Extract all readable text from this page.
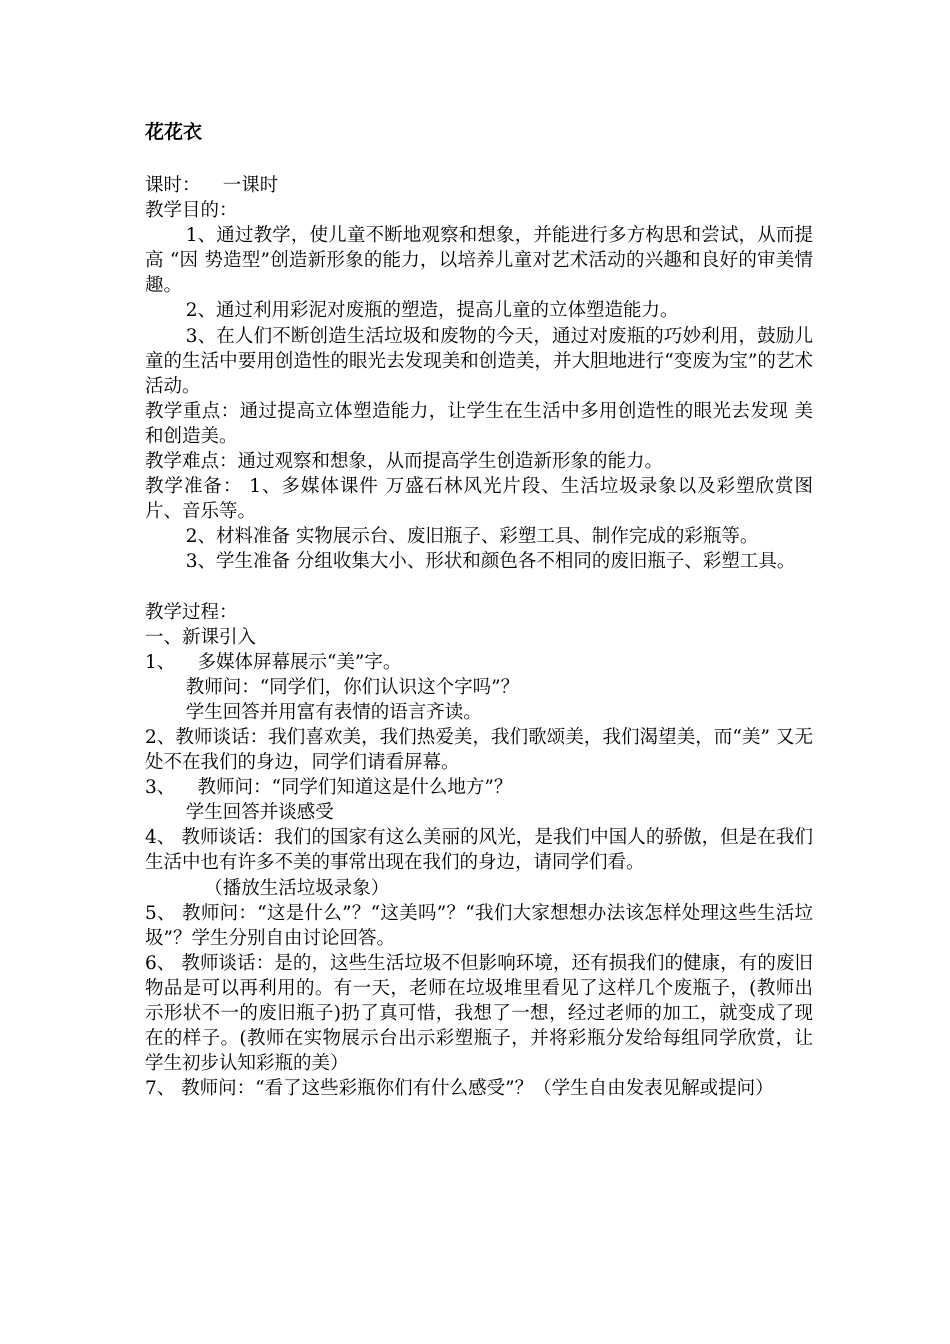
花花衣

课时： 一课时

教学目的：

1、通过教学，使儿童不断地观察和想象，并能进行多方构思和尝试，从而提高 “因 势造型”创造新形象的能力，以培养儿童对艺术活动的兴趣和良好的审美情趣。

2、通过利用彩泥对废瓶的塑造，提高儿童的立体塑造能力。

3、在人们不断创造生活垃圾和废物的今天，通过对废瓶的巧妙利用，鼓励儿童的生活中要用创造性的眼光去发现美和创造美，并大胆地进行“变废为宝”的艺术活动。

教学重点：通过提高立体塑造能力，让学生在生活中多用创造性的眼光去发现 美和创造美。

教学难点：通过观察和想象，从而提高学生创造新形象的能力。

教学准备： 1、多媒体课件 万盛石林风光片段、生活垃圾录象以及彩塑欣赏图片、音乐等。

2、材料准备 实物展示台、废旧瓶子、彩塑工具、制作完成的彩瓶等。

3、学生准备 分组收集大小、形状和颜色各不相同的废旧瓶子、彩塑工具。

教学过程：

一、新课引入

1、 多媒体屏幕展示“美”字。

教师问：“同学们，你们认识这个字吗”？

学生回答并用富有表情的语言齐读。

2、教师谈话：我们喜欢美，我们热爱美，我们歌颂美，我们渴望美，而“美” 又无处不在我们的身边，同学们请看屏幕。

3、 教师问：“同学们知道这是什么地方”？

学生回答并谈感受

4、 教师谈话：我们的国家有这么美丽的风光，是我们中国人的骄傲，但是在我们生活中也有许多不美的事常出现在我们的身边，请同学们看。

（播放生活垃圾录象）

5、 教师问：“这是什么”？“这美吗”？“我们大家想想办法该怎样处理这些生活垃圾”？学生分别自由讨论回答。

6、 教师谈话：是的，这些生活垃圾不但影响环境，还有损我们的健康，有的废旧物品是可以再利用的。有一天，老师在垃圾堆里看见了这样几个废瓶子，(教师出示形状不一的废旧瓶子)扔了真可惜，我想了一想，经过老师的加工，就变成了现在的样子。(教师在实物展示台出示彩塑瓶子，并将彩瓶分发给每组同学欣赏，让学生初步认知彩瓶的美）

7、 教师问：“看了这些彩瓶你们有什么感受”？（学生自由发表见解或提问）
